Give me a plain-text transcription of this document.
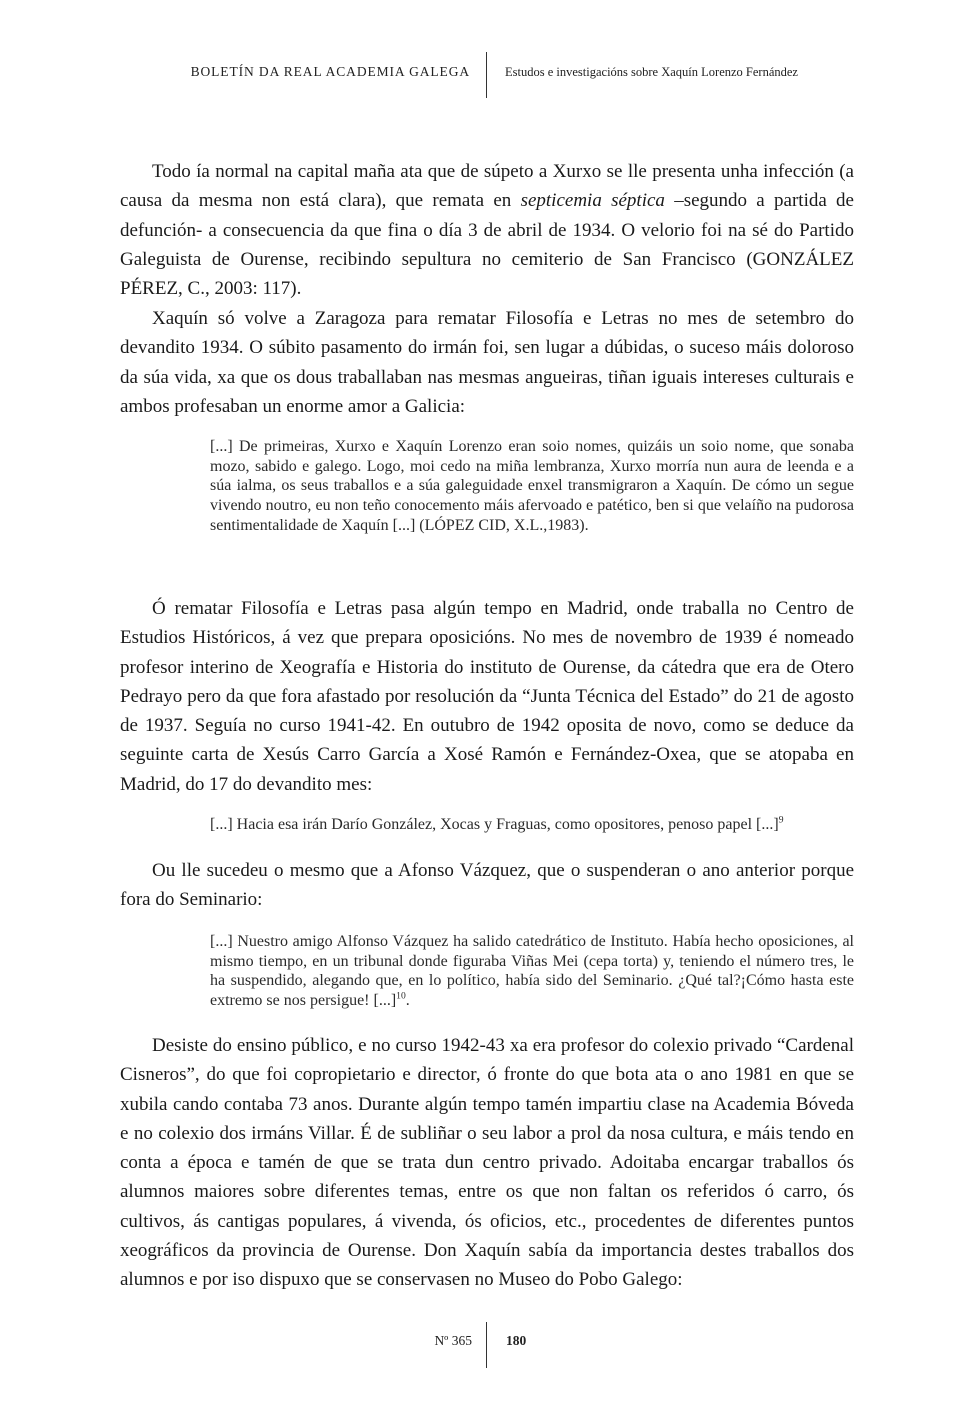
BOLETÍN DA REAL ACADEMIA GALEGA	Estudos e investigacións sobre Xaquín Lorenzo Fernández

Todo ía normal na capital maña ata que de súpeto a Xurxo se lle presenta unha infección (a causa da mesma non está clara), que remata en septicemia séptica –segundo a partida de defunción- a consecuencia da que fina o día 3 de abril de 1934. O velorio foi na sé do Partido Galeguista de Ourense, recibindo sepultura no cemiterio de San Francisco (GONZÁLEZ PÉREZ, C., 2003: 117).

Xaquín só volve a Zaragoza para rematar Filosofía e Letras no mes de setembro do devandito 1934. O súbito pasamento do irmán foi, sen lugar a dúbidas, o suceso máis doloroso da súa vida, xa que os dous traballaban nas mesmas angueiras, tiñan iguais intereses culturais e ambos profesaban un enorme amor a Galicia:

[...] De primeiras, Xurxo e Xaquín Lorenzo eran soio nomes, quizáis un soio nome, que sonaba mozo, sabido e galego. Logo, moi cedo na miña lembranza, Xurxo morría nun aura de leenda e a súa ialma, os seus traballos e a súa galeguidade enxel transmigraron a Xaquín. De cómo un segue vivendo noutro, eu non teño conocemento máis afervoado e patético, ben si que velaíño na pudorosa sentimentalidade de Xaquín [...] (LÓPEZ CID, X.L.,1983).

Ó rematar Filosofía e Letras pasa algún tempo en Madrid, onde traballa no Centro de Estudios Históricos, á vez que prepara oposicións. No mes de novembro de 1939 é nomeado profesor interino de Xeografía e Historia do instituto de Ourense, da cátedra que era de Otero Pedrayo pero da que fora afastado por resolución da “Junta Técnica del Estado” do 21 de agosto de 1937. Seguía no curso 1941-42. En outubro de 1942 oposita de novo, como se deduce da seguinte carta de Xesús Carro García a Xosé Ramón e Fernández-Oxea, que se atopaba en Madrid, do 17 do devandito mes:

[...] Hacia esa irán Darío González, Xocas y Fraguas, como opositores, penoso papel [...]$^9$

Ou lle sucedeu o mesmo que a Afonso Vázquez, que o suspenderan o ano anterior porque fora do Seminario:

[...] Nuestro amigo Alfonso Vázquez ha salido catedrático de Instituto. Había hecho oposiciones, al mismo tiempo, en un tribunal donde figuraba Viñas Mei (cepa torta) y, teniendo el número tres, le ha suspendido, alegando que, en lo político, había sido del Seminario. ¿Qué tal?¡Cómo hasta este extremo se nos persigue! [...]$^{10}$.

Desiste do ensino público, e no curso 1942-43 xa era profesor do colexio privado “Cardenal Cisneros”, do que foi copropietario e director, ó fronte do que bota ata o ano 1981 en que se xubila cando contaba 73 anos. Durante algún tempo tamén impartiu clase na Academia Bóveda e no colexio dos irmáns Villar. É de subliñar o seu labor a prol da nosa cultura, e máis tendo en conta a época e tamén de que se trata dun centro privado. Adoitaba encargar traballos ós alumnos maiores sobre diferentes temas, entre os que non faltan os referidos ó carro, ós cultivos, ás cantigas populares, á vivenda, ós oficios, etc., procedentes de diferentes puntos xeográficos da provincia de Ourense. Don Xaquín sabía da importancia destes traballos dos alumnos e por iso dispuxo que se conservasen no Museo do Pobo Galego:

Nº 365	180
